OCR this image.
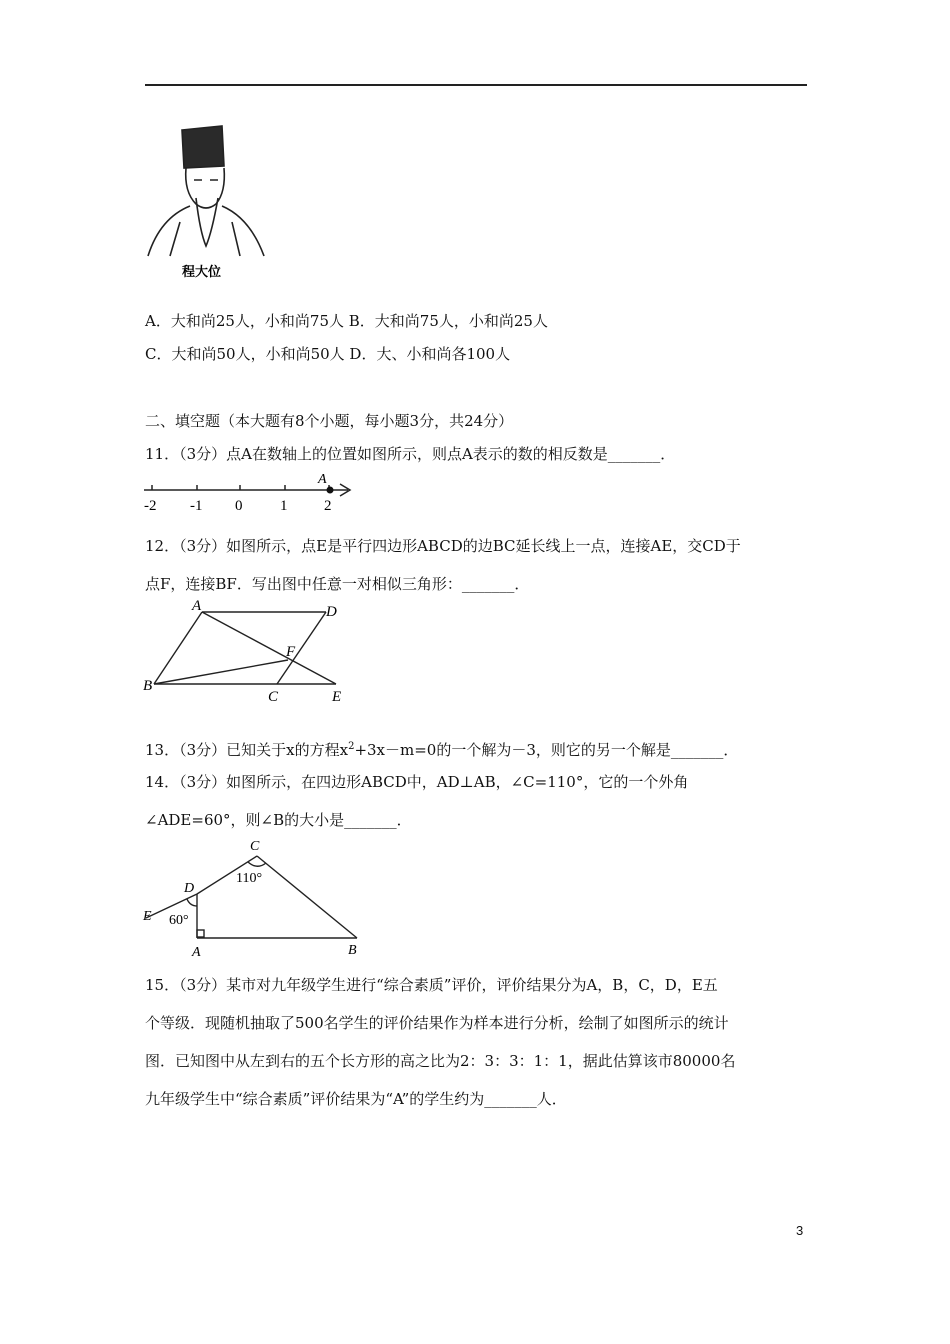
程大位
A．大和尚25人，小和尚75人 B．大和尚75人，小和尚25人
C．大和尚50人，小和尚50人 D．大、小和尚各100人
二、填空题（本大题有8个小题，每小题3分，共24分）
11．（3分）点A在数轴上的位置如图所示，则点A表示的数的相反数是_______．
A
-2 -1 0	1 2
12．（3分）如图所示，点E是平行四边形ABCD的边BC延长线上一点，连接AE，交CD于
点F，连接BF．写出图中任意一对相似三角形：_______．
A	D
F
B
C	E
13．（3分）已知关于x的方程$x^2+3x-m=0$的一个解为－3，则它的另一个解是_______．
14．（3分）如图所示，在四边形ABCD中，AD⊥AB，∠C=110°，它的一个外角
∠ADE=60°，则∠B的大小是_______．
C
110°
D
E 60°
A	B
15．（3分）某市对九年级学生进行“综合素质”评价，评价结果分为A，B，C，D，E五
个等级．现随机抽取了500名学生的评价结果作为样本进行分析，绘制了如图所示的统计
图．已知图中从左到右的五个长方形的高之比为2：3：3：1：1，据此估算该市80000名
九年级学生中“综合素质”评价结果为“A”的学生约为_______人．
3
